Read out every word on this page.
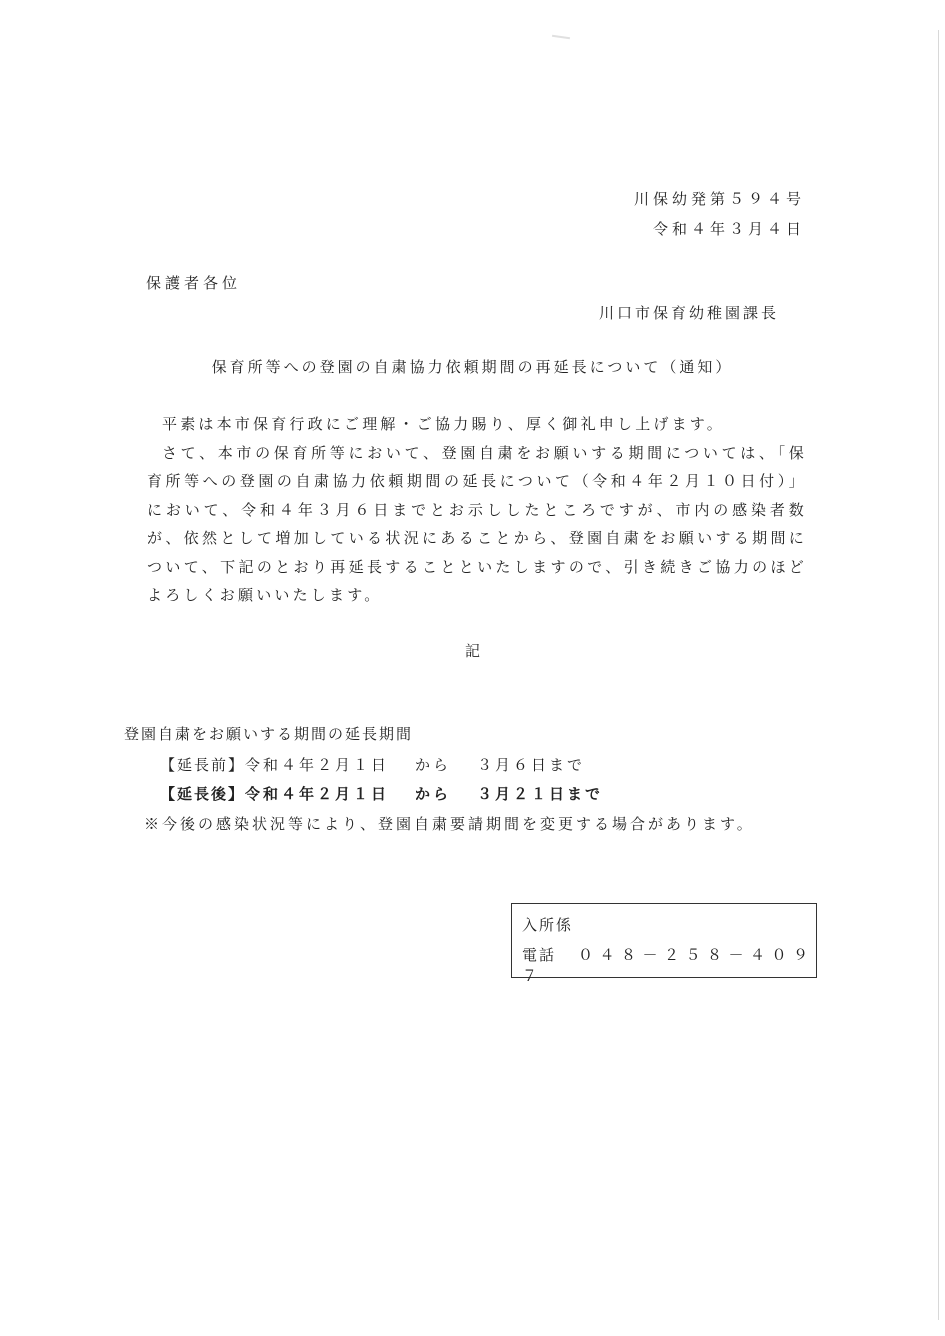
川保幼発第５９４号
令和４年３月４日
保護者各位
川口市保育幼稚園課長
保育所等への登園の自粛協力依頼期間の再延長について（通知）

平素は本市保育行政にご理解・ご協力賜り、厚く御礼申し上げます。

さて、本市の保育所等において、登園自粛をお願いする期間については、「保育所等への登園の自粛協力依頼期間の延長について（令和４年２月１０日付）」において、令和４年３月６日までとお示ししたところですが、市内の感染者数が、依然として増加している状況にあることから、登園自粛をお願いする期間について、下記のとおり再延長することといたしますので、引き続きご協力のほどよろしくお願いいたします。

記
登園自粛をお願いする期間の延長期間
【延長前】令和４年２月１日 から ３月６日まで
【延長後】令和４年２月１日 から ３月２１日まで
※今後の感染状況等により、登園自粛要請期間を変更する場合があります。
入所係
電話 ０４８－２５８－４０９７
